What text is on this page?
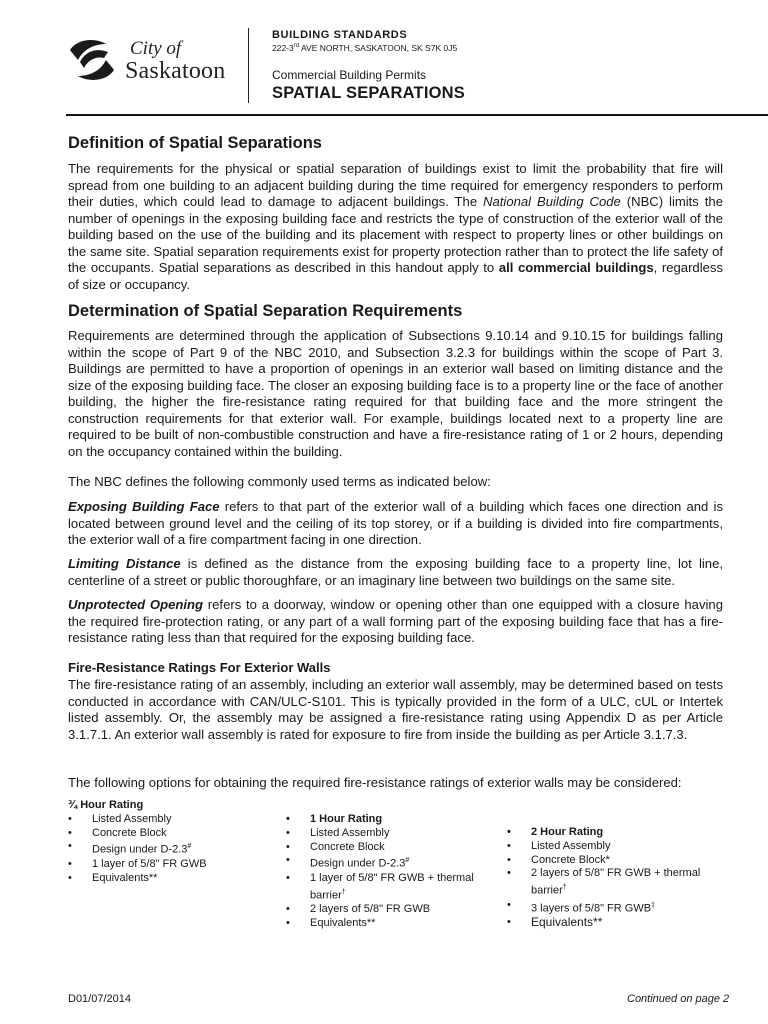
City of
Saskatoon
BUILDING STANDARDS
222-3rd AVE NORTH, SASKATOON, SK S7K 0J5
Commercial Building Permits
SPATIAL SEPARATIONS
Definition of Spatial Separations
The requirements for the physical or spatial separation of buildings exist to limit the probability that fire will spread from one building to an adjacent building during the time required for emergency responders to perform their duties, which could lead to damage to adjacent buildings. The National Building Code (NBC) limits the number of openings in the exposing building face and restricts the type of construction of the exterior wall of the building based on the use of the building and its placement with respect to property lines or other buildings on the same site. Spatial separation requirements exist for property protection rather than to protect the life safety of the occupants. Spatial separations as described in this handout apply to all commercial buildings, regardless of size or occupancy.
Determination of Spatial Separation Requirements
Requirements are determined through the application of Subsections 9.10.14 and 9.10.15 for buildings falling within the scope of Part 9 of the NBC 2010, and Subsection 3.2.3 for buildings within the scope of Part 3. Buildings are permitted to have a proportion of openings in an exterior wall based on limiting distance and the size of the exposing building face. The closer an exposing building face is to a property line or the face of another building, the higher the fire-resistance rating required for that building face and the more stringent the construction requirements for that exterior wall. For example, buildings located next to a property line are required to be built of non-combustible construction and have a fire-resistance rating of 1 or 2 hours, depending on the occupancy contained within the building.
The NBC defines the following commonly used terms as indicated below:
Exposing Building Face refers to that part of the exterior wall of a building which faces one direction and is located between ground level and the ceiling of its top storey, or if a building is divided into fire compartments, the exterior wall of a fire compartment facing in one direction.
Limiting Distance is defined as the distance from the exposing building face to a property line, lot line, centerline of a street or public thoroughfare, or an imaginary line between two buildings on the same site.
Unprotected Opening refers to a doorway, window or opening other than one equipped with a closure having the required fire-protection rating, or any part of a wall forming part of the exposing building face that has a fire-resistance rating less than that required for the exposing building face.
Fire-Resistance Ratings For Exterior Walls
The fire-resistance rating of an assembly, including an exterior wall assembly, may be determined based on tests conducted in accordance with CAN/ULC-S101. This is typically provided in the form of a ULC, cUL or Intertek listed assembly. Or, the assembly may be assigned a fire-resistance rating using Appendix D as per Article 3.1.7.1. An exterior wall assembly is rated for exposure to fire from inside the building as per Article 3.1.7.3.
The following options for obtaining the required fire-resistance ratings of exterior walls may be considered:
¾ Hour Rating
• Listed Assembly
• Concrete Block
• Design under D-2.3#
• 1 layer of 5/8" FR GWB
• Equivalents**
• 1 Hour Rating
• Listed Assembly
• Concrete Block
• Design under D-2.3#
• 1 layer of 5/8" FR GWB + thermal barrier†
• 2 layers of 5/8" FR GWB
• Equivalents**
• 2 Hour Rating
• Listed Assembly
• Concrete Block*
• 2 layers of 5/8" FR GWB + thermal barrier†
• 3 layers of 5/8" FR GWB‡
• Equivalents**
D01/07/2014	Continued on page 2
